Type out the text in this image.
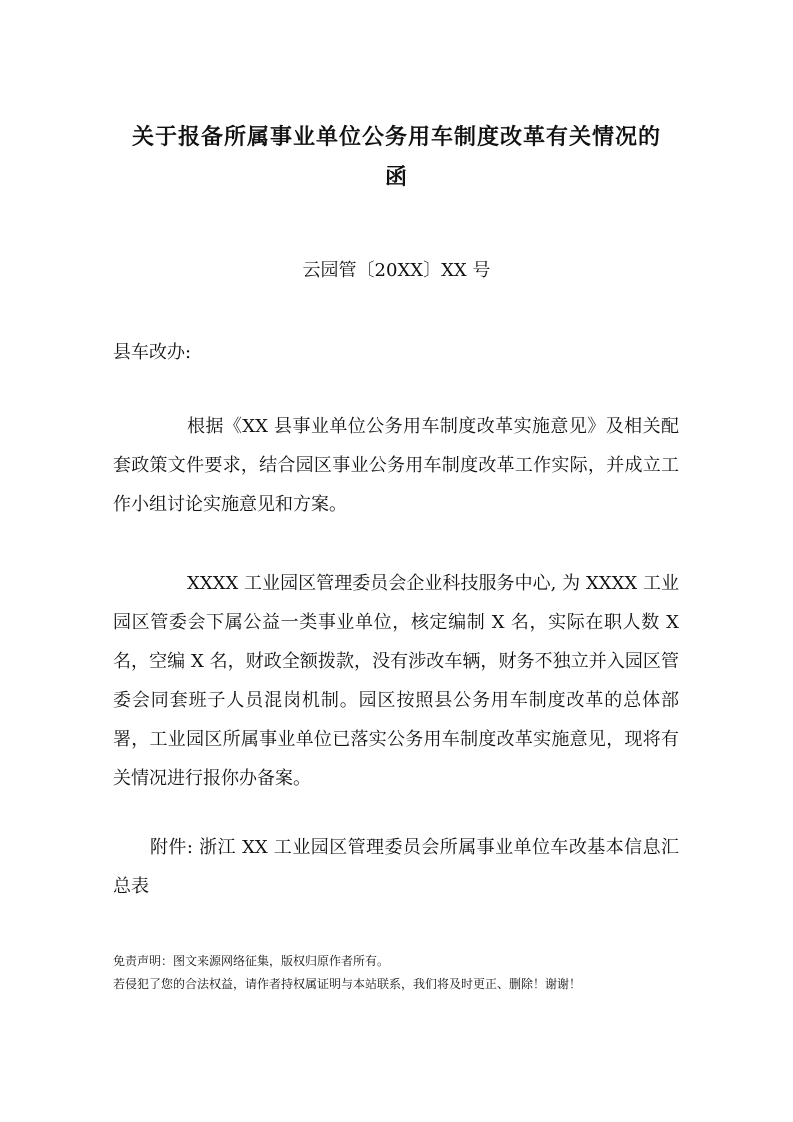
关于报备所属事业单位公务用车制度改革有关情况的
函
云园管〔20XX〕XX 号
县车改办:

根据《XX 县事业单位公务用车制度改革实施意见》及相关配套政策文件要求，结合园区事业公务用车制度改革工作实际，并成立工作小组讨论实施意见和方案。

XXXX 工业园区管理委员会企业科技服务中心, 为 XXXX 工业园区管委会下属公益一类事业单位，核定编制 X 名，实际在职人数 X 名，空编 X 名，财政全额拨款，没有涉改车辆，财务不独立并入园区管委会同套班子人员混岗机制。园区按照县公务用车制度改革的总体部署，工业园区所属事业单位已落实公务用车制度改革实施意见，现将有关情况进行报你办备案。

附件: 浙江 XX 工业园区管理委员会所属事业单位车改基本信息汇总表

免责声明：图文来源网络征集，版权归原作者所有。
若侵犯了您的合法权益，请作者持权属证明与本站联系，我们将及时更正、删除！谢谢！
